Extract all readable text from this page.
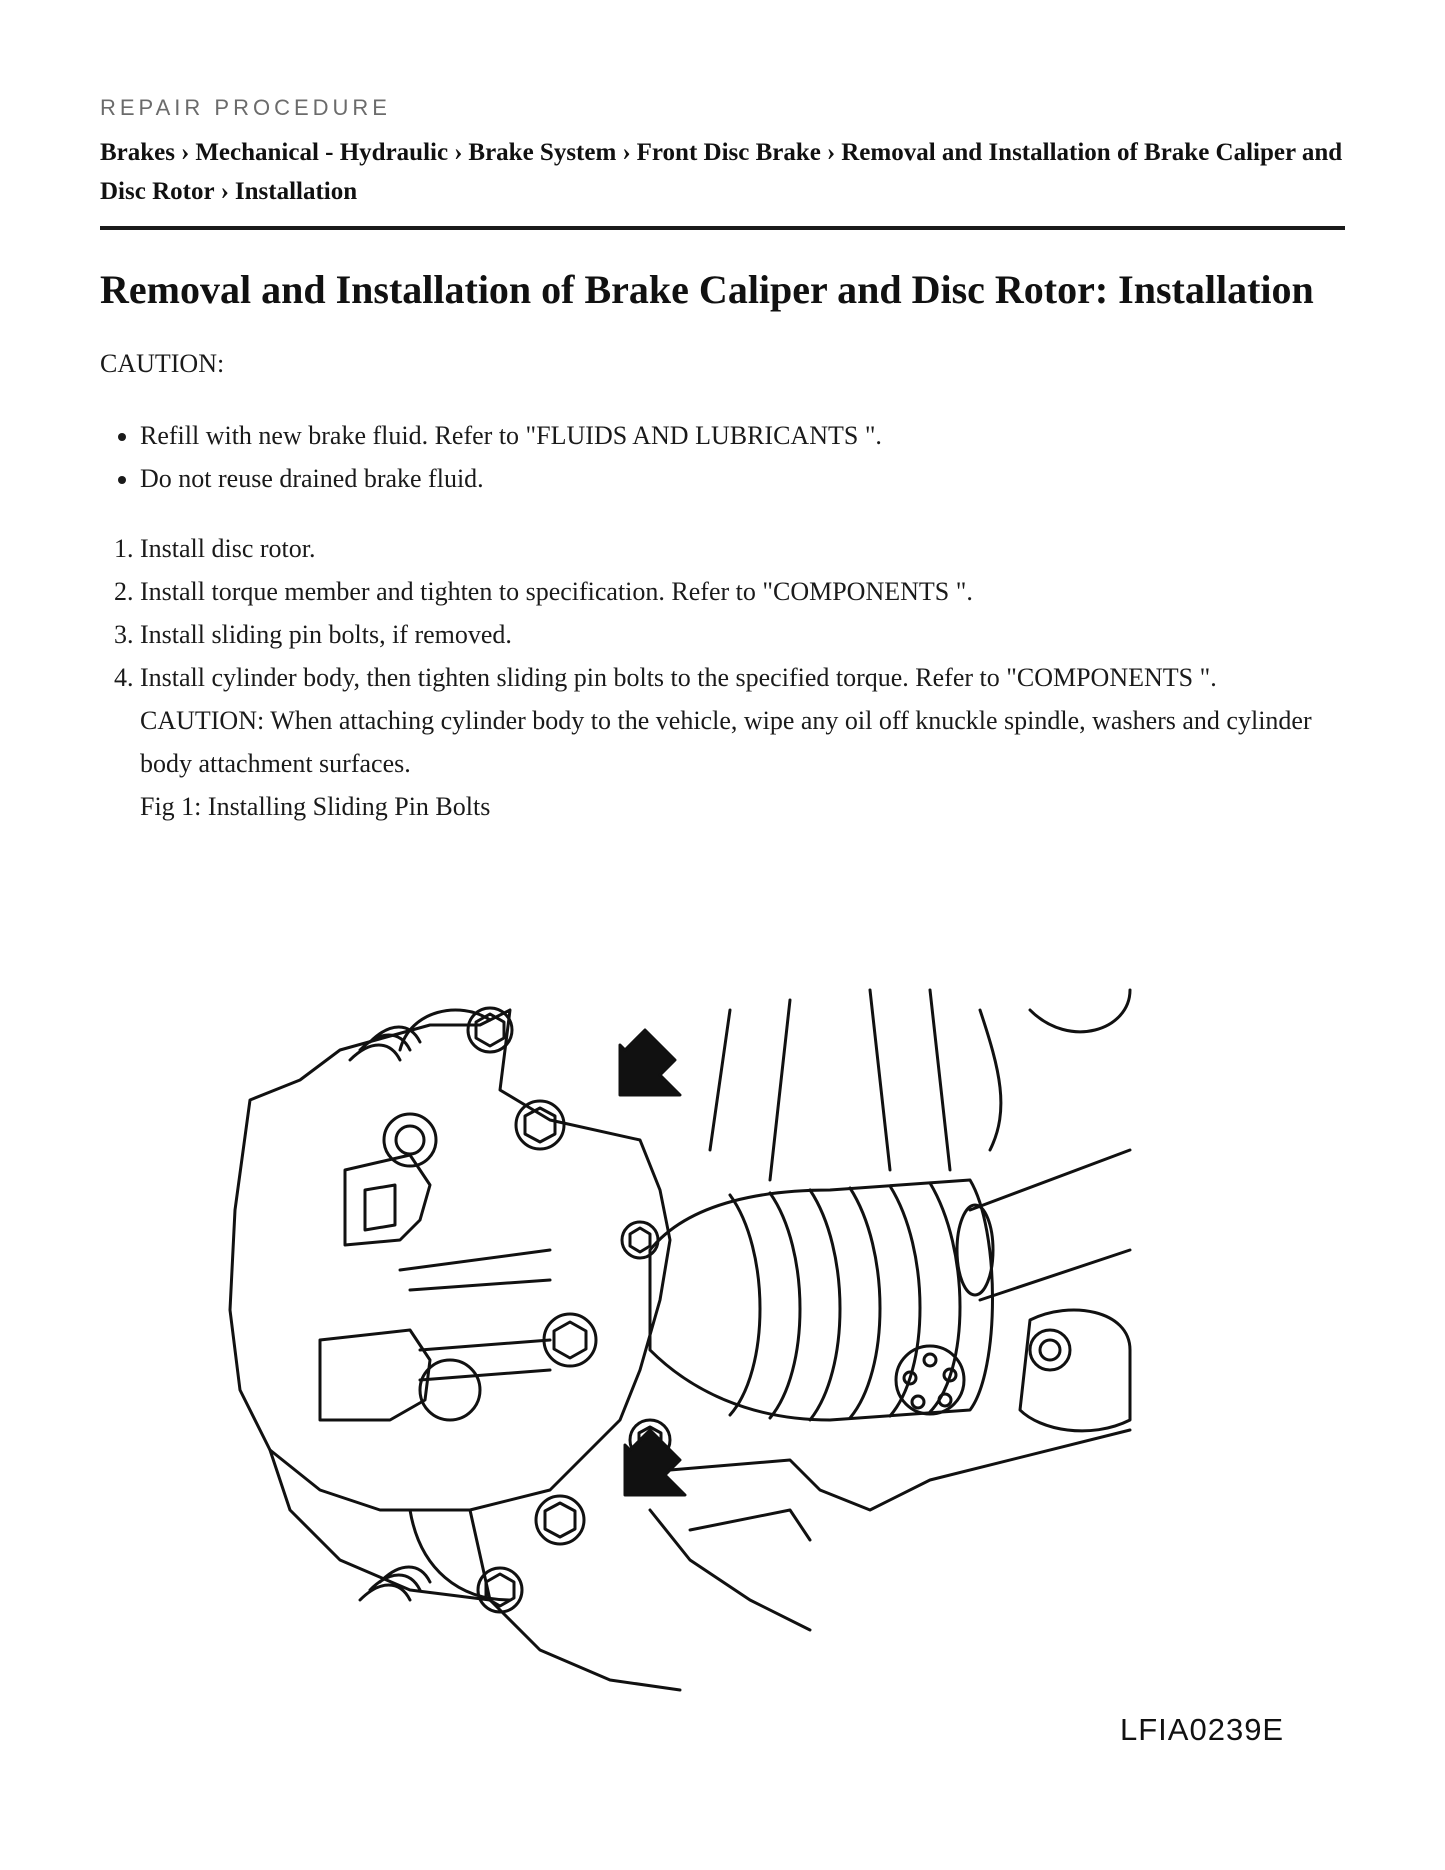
REPAIR PROCEDURE
Brakes › Mechanical - Hydraulic › Brake System › Front Disc Brake › Removal and Installation of Brake Caliper and Disc Rotor › Installation
Removal and Installation of Brake Caliper and Disc Rotor: Installation
CAUTION:
• Refill with new brake fluid. Refer to "FLUIDS AND LUBRICANTS ".
• Do not reuse drained brake fluid.
1. Install disc rotor.
2. Install torque member and tighten to specification. Refer to "COMPONENTS ".
3. Install sliding pin bolts, if removed.
4. Install cylinder body, then tighten sliding pin bolts to the specified torque. Refer to "COMPONENTS ".
CAUTION: When attaching cylinder body to the vehicle, wipe any oil off knuckle spindle, washers and cylinder body attachment surfaces.
Fig 1: Installing Sliding Pin Bolts
LFIA0239E
